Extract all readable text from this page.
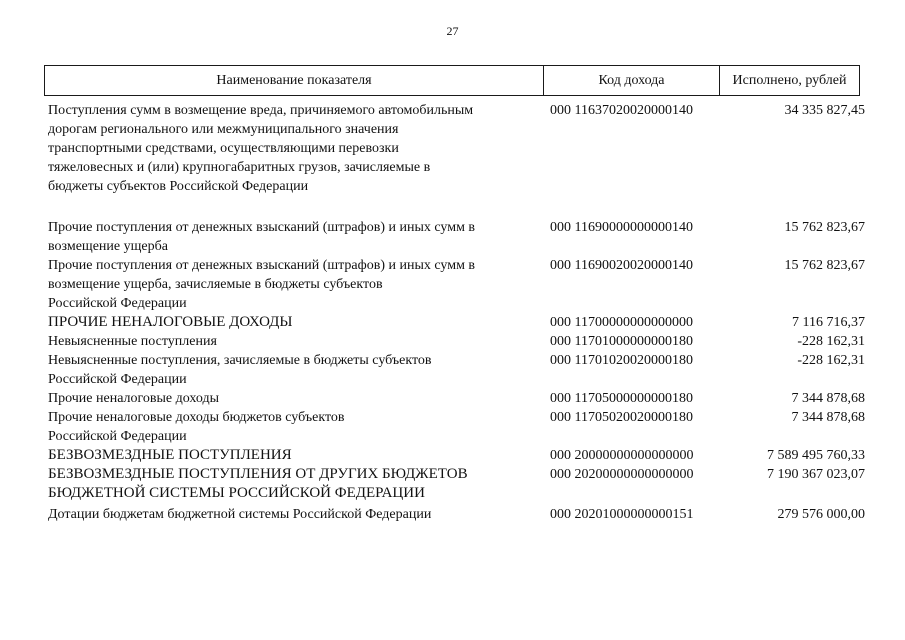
27
Наименование показателя	Код дохода	Исполнено, рублей
Поступления сумм в возмещение вреда, причиняемого автомобильным
дорогам регионального или межмуниципального значения
транспортными средствами, осуществляющими перевозки
тяжеловесных и (или) крупногабаритных грузов, зачисляемые в
бюджеты субъектов Российской Федерации
000 11637020020000140	34 335 827,45
Прочие поступления от денежных взысканий (штрафов) и иных сумм в
возмещение ущерба
000 11690000000000140	15 762 823,67
Прочие поступления от денежных взысканий (штрафов) и иных сумм в
возмещение ущерба, зачисляемые в бюджеты субъектов
Российской Федерации
000 11690020020000140	15 762 823,67
ПРОЧИЕ НЕНАЛОГОВЫЕ ДОХОДЫ	000 11700000000000000	7 116 716,37
Невыясненные поступления	000 11701000000000180	-228 162,31
Невыясненные поступления, зачисляемые в бюджеты субъектов
Российской Федерации
000 11701020020000180	-228 162,31
Прочие неналоговые доходы	000 11705000000000180	7 344 878,68
Прочие неналоговые доходы бюджетов субъектов
Российской Федерации
000 11705020020000180	7 344 878,68
БЕЗВОЗМЕЗДНЫЕ ПОСТУПЛЕНИЯ	000 20000000000000000	7 589 495 760,33
БЕЗВОЗМЕЗДНЫЕ ПОСТУПЛЕНИЯ ОТ ДРУГИХ БЮДЖЕТОВ
БЮДЖЕТНОЙ СИСТЕМЫ РОССИЙСКОЙ ФЕДЕРАЦИИ
000 20200000000000000	7 190 367 023,07
Дотации бюджетам бюджетной системы Российской Федерации	000 20201000000000151	279 576 000,00
